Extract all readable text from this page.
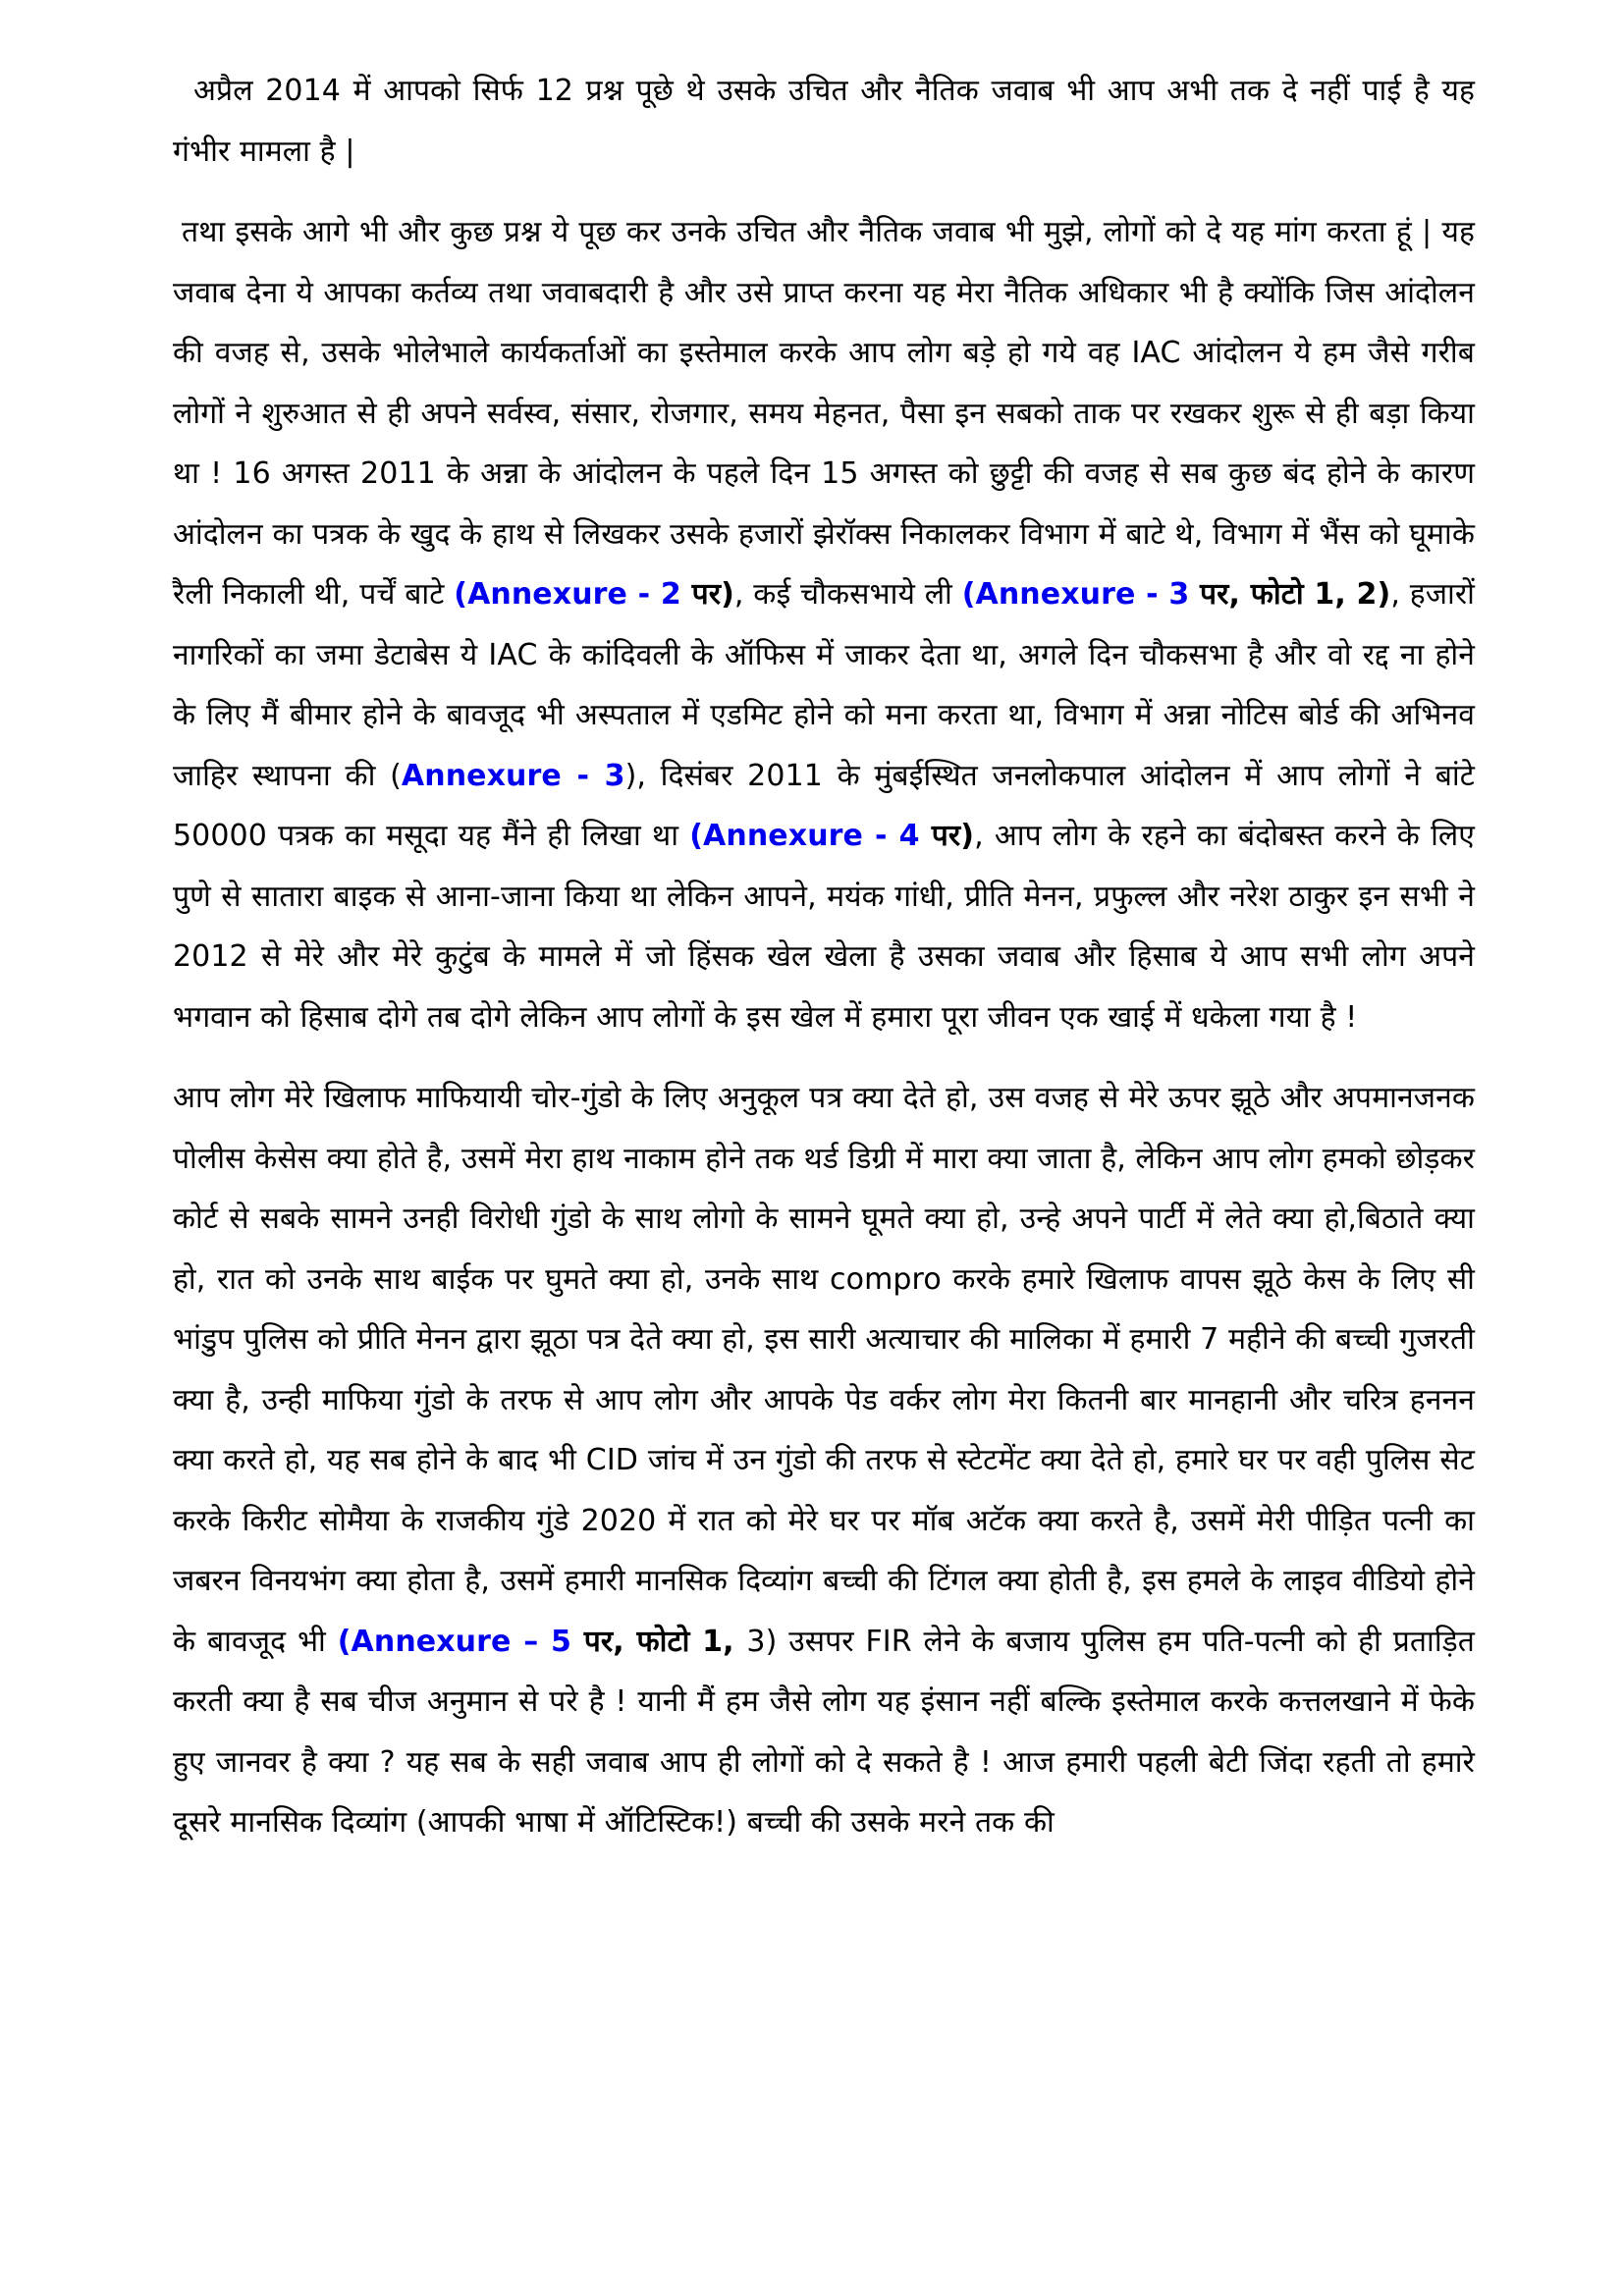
अप्रैल 2014 में आपको सिर्फ 12 प्रश्न पूछे थे उसके उचित और नैतिक जवाब भी आप अभी तक दे नहीं पाई है यह गंभीर मामला है |

तथा इसके आगे भी और कुछ प्रश्न ये पूछ कर उनके उचित और नैतिक जवाब भी मुझे, लोगों को दे यह मांग करता हूं | यह जवाब देना ये आपका कर्तव्य तथा जवाबदारी है और उसे प्राप्त करना यह मेरा नैतिक अधिकार भी है क्योंकि जिस आंदोलन की वजह से, उसके भोलेभाले कार्यकर्ताओं का इस्तेमाल करके आप लोग बड़े हो गये वह IAC आंदोलन ये हम जैसे गरीब लोगों ने शुरुआत से ही अपने सर्वस्व, संसार, रोजगार, समय मेहनत, पैसा इन सबको ताक पर रखकर शुरू से ही बड़ा किया था ! 16 अगस्त 2011 के अन्ना के आंदोलन के पहले दिन 15 अगस्त को छुट्टी की वजह से सब कुछ बंद होने के कारण आंदोलन का पत्रक के खुद के हाथ से लिखकर उसके हजारों झेरॉक्स निकालकर विभाग में बाटे थे, विभाग में भैंस को घूमाके रैली निकाली थी, पर्चें बाटे (Annexure - 2 पर), कई चौकसभाये ली (Annexure - 3 पर, फोटो 1, 2), हजारों नागरिकों का जमा डेटाबेस ये IAC के कांदिवली के ऑफिस में जाकर देता था, अगले दिन चौकसभा है और वो रद्द ना होने के लिए मैं बीमार होने के बावजूद भी अस्पताल में एडमिट होने को मना करता था, विभाग में अन्ना नोटिस बोर्ड की अभिनव जाहिर स्थापना की (Annexure - 3), दिसंबर 2011 के मुंबईस्थित जनलोकपाल आंदोलन में आप लोगों ने बांटे 50000 पत्रक का मसूदा यह मैंने ही लिखा था (Annexure - 4 पर), आप लोग के रहने का बंदोबस्त करने के लिए पुणे से सातारा बाइक से आना-जाना किया था लेकिन आपने, मयंक गांधी, प्रीति मेनन, प्रफुल्ल और नरेश ठाकुर इन सभी ने 2012 से मेरे और मेरे कुटुंब के मामले में जो हिंसक खेल खेला है उसका जवाब और हिसाब ये आप सभी लोग अपने भगवान को हिसाब दोगे तब दोगे लेकिन आप लोगों के इस खेल में हमारा पूरा जीवन एक खाई में धकेला गया है !

आप लोग मेरे खिलाफ माफियायी चोर-गुंडो के लिए अनुकूल पत्र क्या देते हो, उस वजह से मेरे ऊपर झूठे और अपमानजनक पोलीस केसेस क्या होते है, उसमें मेरा हाथ नाकाम होने तक थर्ड डिग्री में मारा क्या जाता है, लेकिन आप लोग हमको छोड़कर कोर्ट से सबके सामने उनही विरोधी गुंडो के साथ लोगो के सामने घूमते क्या हो, उन्हे अपने पार्टी में लेते क्या हो,बिठाते क्या हो, रात को उनके साथ बाईक पर घुमते क्या हो, उनके साथ compro करके हमारे खिलाफ वापस झूठे केस के लिए सी भांडुप पुलिस को प्रीति मेनन द्वारा झूठा पत्र देते क्या हो, इस सारी अत्याचार की मालिका में हमारी 7 महीने की बच्ची गुजरती क्या है, उन्ही माफिया गुंडो के तरफ से आप लोग और आपके पेड वर्कर लोग मेरा कितनी बार मानहानी और चरित्र हननन क्या करते हो, यह सब होने के बाद भी CID जांच में उन गुंडो की तरफ से स्टेटमेंट क्या देते हो, हमारे घर पर वही पुलिस सेट करके किरीट सोमैया के राजकीय गुंडे 2020 में रात को मेरे घर पर मॉब अटॅक क्या करते है, उसमें मेरी पीड़ित पत्नी का जबरन विनयभंग क्या होता है, उसमें हमारी मानसिक दिव्यांग बच्ची की टिंगल क्या होती है, इस हमले के लाइव वीडियो होने के बावजूद भी (Annexure – 5 पर, फोटो 1, 3) उसपर FIR लेने के बजाय पुलिस हम पति-पत्नी को ही प्रताड़ित करती क्या है सब चीज अनुमान से परे है ! यानी मैं हम जैसे लोग यह इंसान नहीं बल्कि इस्तेमाल करके कत्तलखाने में फेके हुए जानवर है क्या ? यह सब के सही जवाब आप ही लोगों को दे सकते है ! आज हमारी पहली बेटी जिंदा रहती तो हमारे दूसरे मानसिक दिव्यांग (आपकी भाषा में ऑटिस्टिक!) बच्ची की उसके मरने तक की
